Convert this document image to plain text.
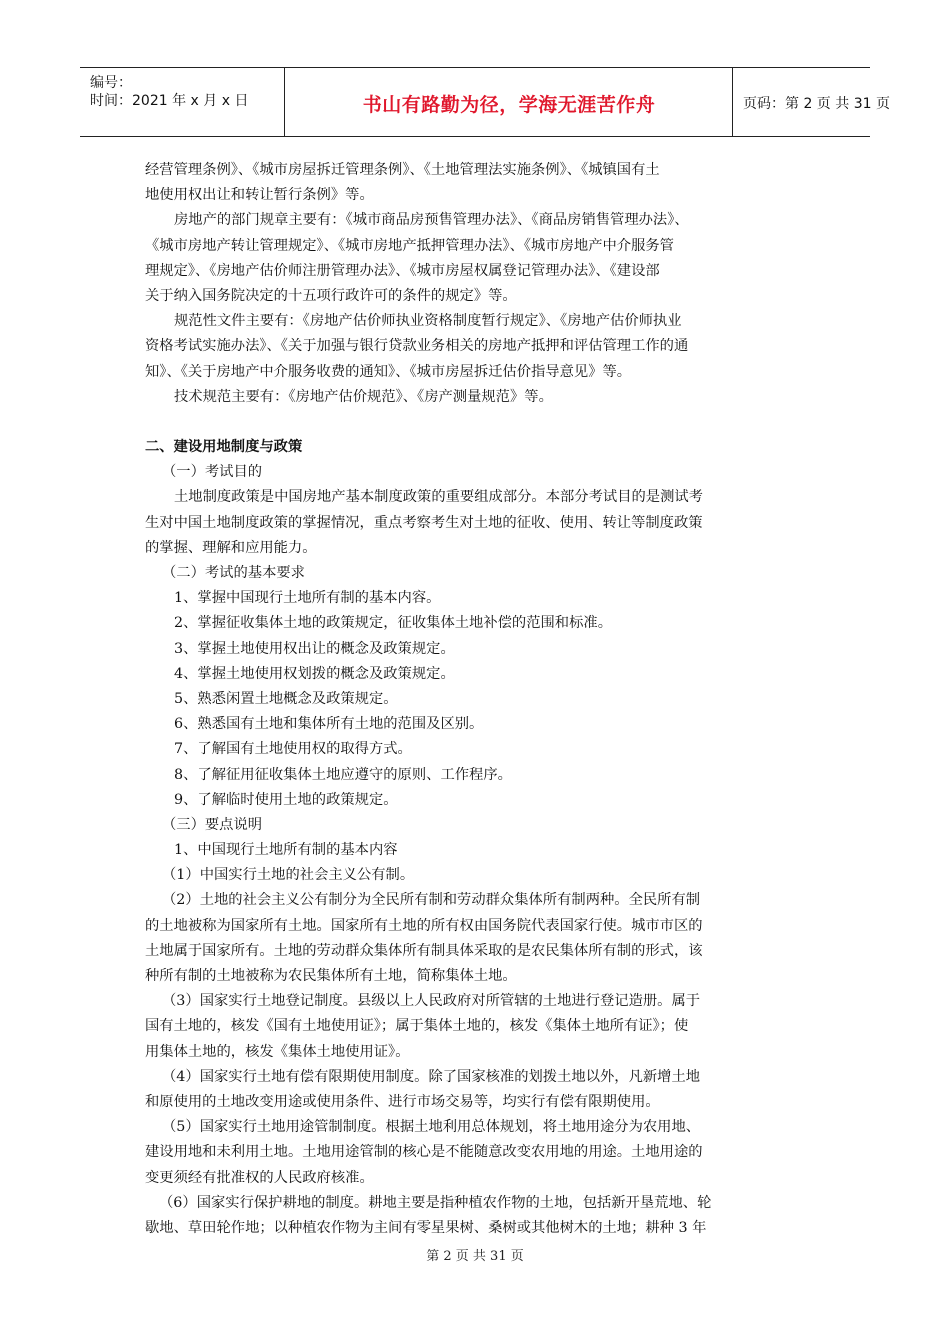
编号：
时间：2021 年 x 月 x 日	书山有路勤为径，学海无涯苦作舟	页码：第 2 页 共 31 页
经营管理条例》、《城市房屋拆迁管理条例》、《土地管理法实施条例》、《城镇国有土
地使用权出让和转让暂行条例》等。
房地产的部门规章主要有：《城市商品房预售管理办法》、《商品房销售管理办法》、
《城市房地产转让管理规定》、《城市房地产抵押管理办法》、《城市房地产中介服务管
理规定》、《房地产估价师注册管理办法》、《城市房屋权属登记管理办法》、《建设部
关于纳入国务院决定的十五项行政许可的条件的规定》等。
规范性文件主要有：《房地产估价师执业资格制度暂行规定》、《房地产估价师执业
资格考试实施办法》、《关于加强与银行贷款业务相关的房地产抵押和评估管理工作的通
知》、《关于房地产中介服务收费的通知》、《城市房屋拆迁估价指导意见》等。
技术规范主要有：《房地产估价规范》、《房产测量规范》等。
二、建设用地制度与政策
（一）考试目的
土地制度政策是中国房地产基本制度政策的重要组成部分。本部分考试目的是测试考
生对中国土地制度政策的掌握情况，重点考察考生对土地的征收、使用、转让等制度政策
的掌握、理解和应用能力。
（二）考试的基本要求
1、掌握中国现行土地所有制的基本内容。
2、掌握征收集体土地的政策规定，征收集体土地补偿的范围和标准。
3、掌握土地使用权出让的概念及政策规定。
4、掌握土地使用权划拨的概念及政策规定。
5、熟悉闲置土地概念及政策规定。
6、熟悉国有土地和集体所有土地的范围及区别。
7、了解国有土地使用权的取得方式。
8、了解征用征收集体土地应遵守的原则、工作程序。
9、了解临时使用土地的政策规定。
（三）要点说明
1、中国现行土地所有制的基本内容
（1）中国实行土地的社会主义公有制。
（2）土地的社会主义公有制分为全民所有制和劳动群众集体所有制两种。全民所有制
的土地被称为国家所有土地。国家所有土地的所有权由国务院代表国家行使。城市市区的
土地属于国家所有。土地的劳动群众集体所有制具体采取的是农民集体所有制的形式，该
种所有制的土地被称为农民集体所有土地，简称集体土地。
（3）国家实行土地登记制度。县级以上人民政府对所管辖的土地进行登记造册。属于
国有土地的，核发《国有土地使用证》；属于集体土地的，核发《集体土地所有证》；使
用集体土地的，核发《集体土地使用证》。
（4）国家实行土地有偿有限期使用制度。除了国家核准的划拨土地以外，凡新增土地
和原使用的土地改变用途或使用条件、进行市场交易等，均实行有偿有限期使用。
（5）国家实行土地用途管制制度。根据土地利用总体规划，将土地用途分为农用地、
建设用地和未利用土地。土地用途管制的核心是不能随意改变农用地的用途。土地用途的
变更须经有批准权的人民政府核准。
（6）国家实行保护耕地的制度。耕地主要是指种植农作物的土地，包括新开垦荒地、轮
歇地、草田轮作地；以种植农作物为主间有零星果树、桑树或其他树木的土地；耕种 3 年
第 2 页 共 31 页
